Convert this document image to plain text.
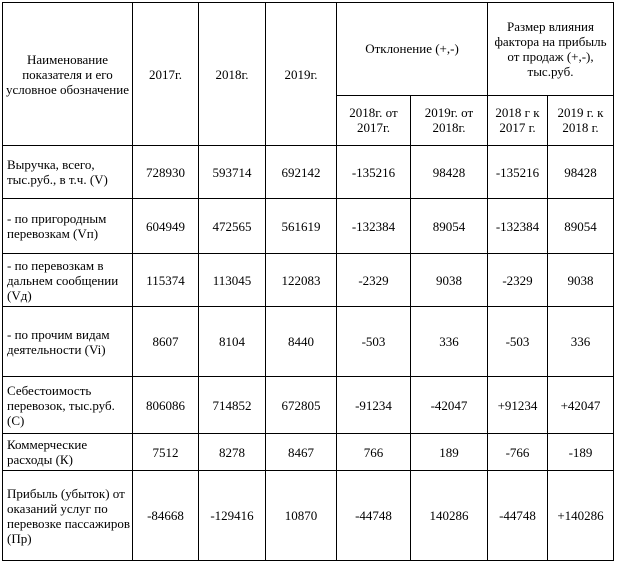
Наименование показателя и его условное обозначение	2017г.	2018г.	2019г.	Отклонение (+,-)		Размер влияния фактора на прибыль от продаж (+,-), тыс.руб.	
				2018г. от 2017г.	2019г. от 2018г.	2018 г к 2017 г.	2019 г. к 2018 г.
Выручка, всего, тыс.руб., в т.ч. (V)	728930	593714	692142	-135216	98428	-135216	98428
- по пригородным перевозкам (Vп)	604949	472565	561619	-132384	89054	-132384	89054
- по перевозкам в дальнем сообщении (Vд)	115374	113045	122083	-2329	9038	-2329	9038
- по прочим видам деятельности (Vi)	8607	8104	8440	-503	336	-503	336
Себестоимость перевозок, тыс.руб. (С)	806086	714852	672805	-91234	-42047	+91234	+42047
Коммерческие расходы (К)	7512	8278	8467	766	189	-766	-189
Прибыль (убыток) от оказаний услуг по перевозке пассажиров (Пр)	-84668	-129416	10870	-44748	140286	-44748	+140286
